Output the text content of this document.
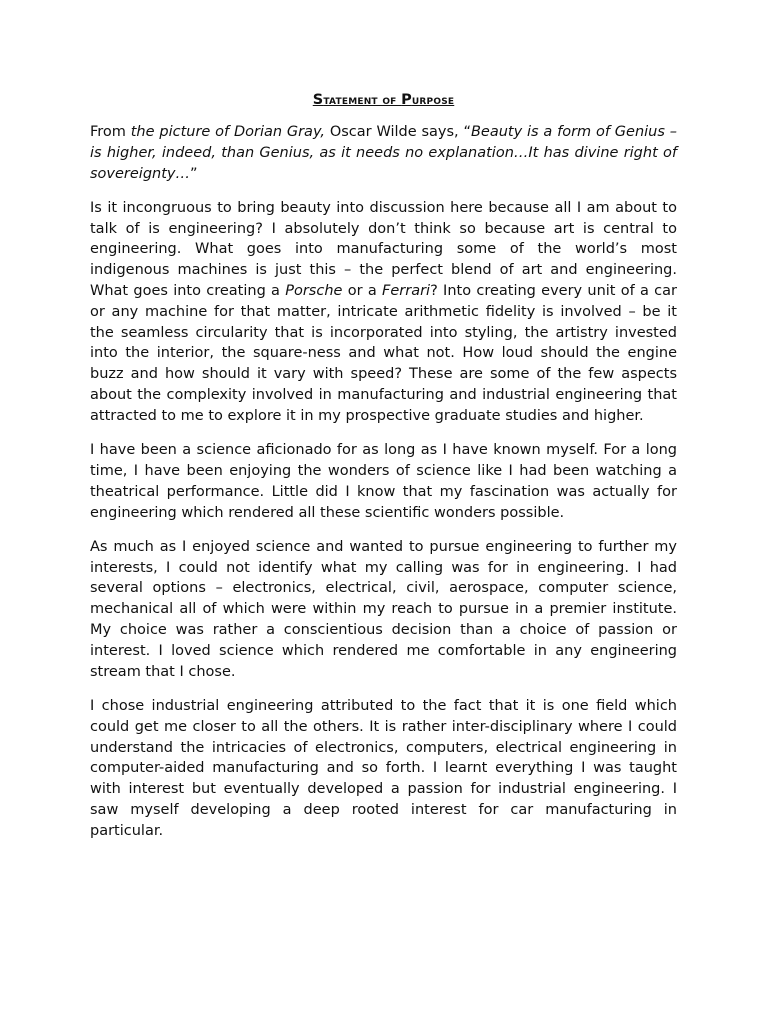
Statement of Purpose

From the picture of Dorian Gray, Oscar Wilde says, “Beauty is a form of Genius – is higher, indeed, than Genius, as it needs no explanation…It has divine right of sovereignty…”

Is it incongruous to bring beauty into discussion here because all I am about to talk of is engineering? I absolutely don’t think so because art is central to engineering. What goes into manufacturing some of the world’s most indigenous machines is just this – the perfect blend of art and engineering. What goes into creating a Porsche or a Ferrari? Into creating every unit of a car or any machine for that matter, intricate arithmetic fidelity is involved – be it the seamless circularity that is incorporated into styling, the artistry invested into the interior, the square-ness and what not. How loud should the engine buzz and how should it vary with speed? These are some of the few aspects about the complexity involved in manufacturing and industrial engineering that attracted to me to explore it in my prospective graduate studies and higher.

I have been a science aficionado for as long as I have known myself. For a long time, I have been enjoying the wonders of science like I had been watching a theatrical performance. Little did I know that my fascination was actually for engineering which rendered all these scientific wonders possible.

As much as I enjoyed science and wanted to pursue engineering to further my interests, I could not identify what my calling was for in engineering. I had several options – electronics, electrical, civil, aerospace, computer science, mechanical all of which were within my reach to pursue in a premier institute. My choice was rather a conscientious decision than a choice of passion or interest. I loved science which rendered me comfortable in any engineering stream that I chose.

I chose industrial engineering attributed to the fact that it is one field which could get me closer to all the others. It is rather inter-disciplinary where I could understand the intricacies of electronics, computers, electrical engineering in computer-aided manufacturing and so forth. I learnt everything I was taught with interest but eventually developed a passion for industrial engineering. I saw myself developing a deep rooted interest for car manufacturing in particular.
